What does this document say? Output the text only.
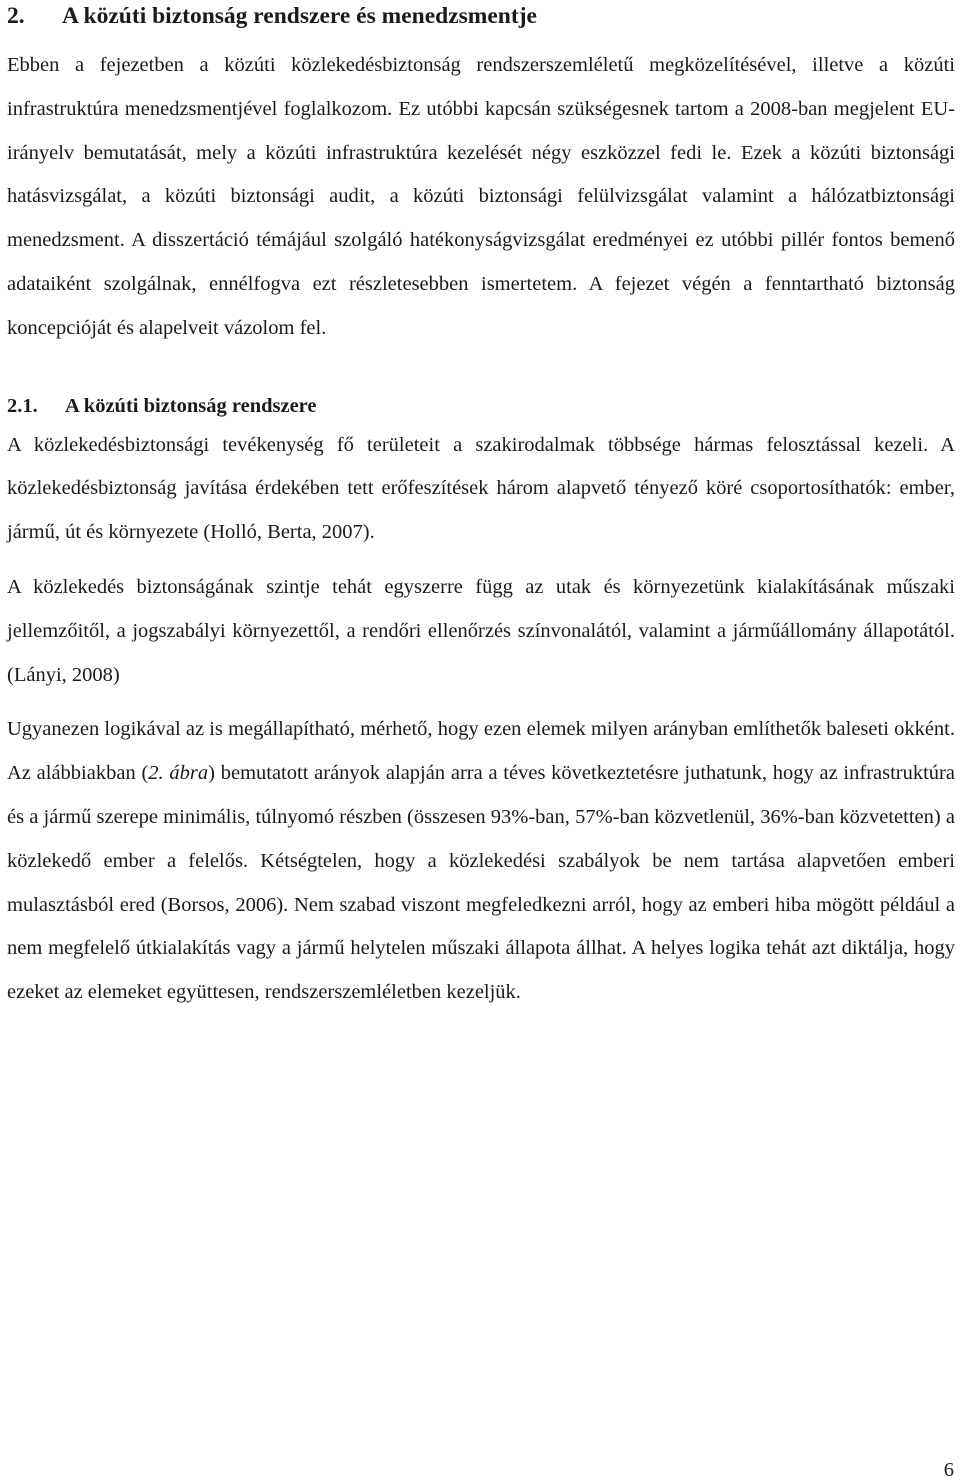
2.	A közúti biztonság rendszere és menedzsmentje

Ebben a fejezetben a közúti közlekedésbiztonság rendszerszemléletű megközelítésével, illetve a közúti infrastruktúra menedzsmentjével foglalkozom. Ez utóbbi kapcsán szükségesnek tartom a 2008-ban megjelent EU-irányelv bemutatását, mely a közúti infrastruktúra kezelését négy eszközzel fedi le. Ezek a közúti biztonsági hatásvizsgálat, a közúti biztonsági audit, a közúti biztonsági felülvizsgálat valamint a hálózatbiztonsági menedzsment. A disszertáció témájául szolgáló hatékonyságvizsgálat eredményei ez utóbbi pillér fontos bemenő adataiként szolgálnak, ennélfogva ezt részletesebben ismertetem. A fejezet végén a fenntartható biztonság koncepcióját és alapelveit vázolom fel.

2.1.	A közúti biztonság rendszere

A közlekedésbiztonsági tevékenység fő területeit a szakirodalmak többsége hármas felosztással kezeli. A közlekedésbiztonság javítása érdekében tett erőfeszítések három alapvető tényező köré csoportosíthatók: ember, jármű, út és környezete (Holló, Berta, 2007).

A közlekedés biztonságának szintje tehát egyszerre függ az utak és környezetünk kialakításának műszaki jellemzőitől, a jogszabályi környezettől, a rendőri ellenőrzés színvonalától, valamint a járműállomány állapotától. (Lányi, 2008)

Ugyanezen logikával az is megállapítható, mérhető, hogy ezen elemek milyen arányban említhetők baleseti okként. Az alábbiakban (2. ábra) bemutatott arányok alapján arra a téves következtetésre juthatunk, hogy az infrastruktúra és a jármű szerepe minimális, túlnyomó részben (összesen 93%-ban, 57%-ban közvetlenül, 36%-ban közvetetten) a közlekedő ember a felelős. Kétségtelen, hogy a közlekedési szabályok be nem tartása alapvetően emberi mulasztásból ered (Borsos, 2006). Nem szabad viszont megfeledkezni arról, hogy az emberi hiba mögött például a nem megfelelő útkialakítás vagy a jármű helytelen műszaki állapota állhat. A helyes logika tehát azt diktálja, hogy ezeket az elemeket együttesen, rendszerszemléletben kezeljük.

6
